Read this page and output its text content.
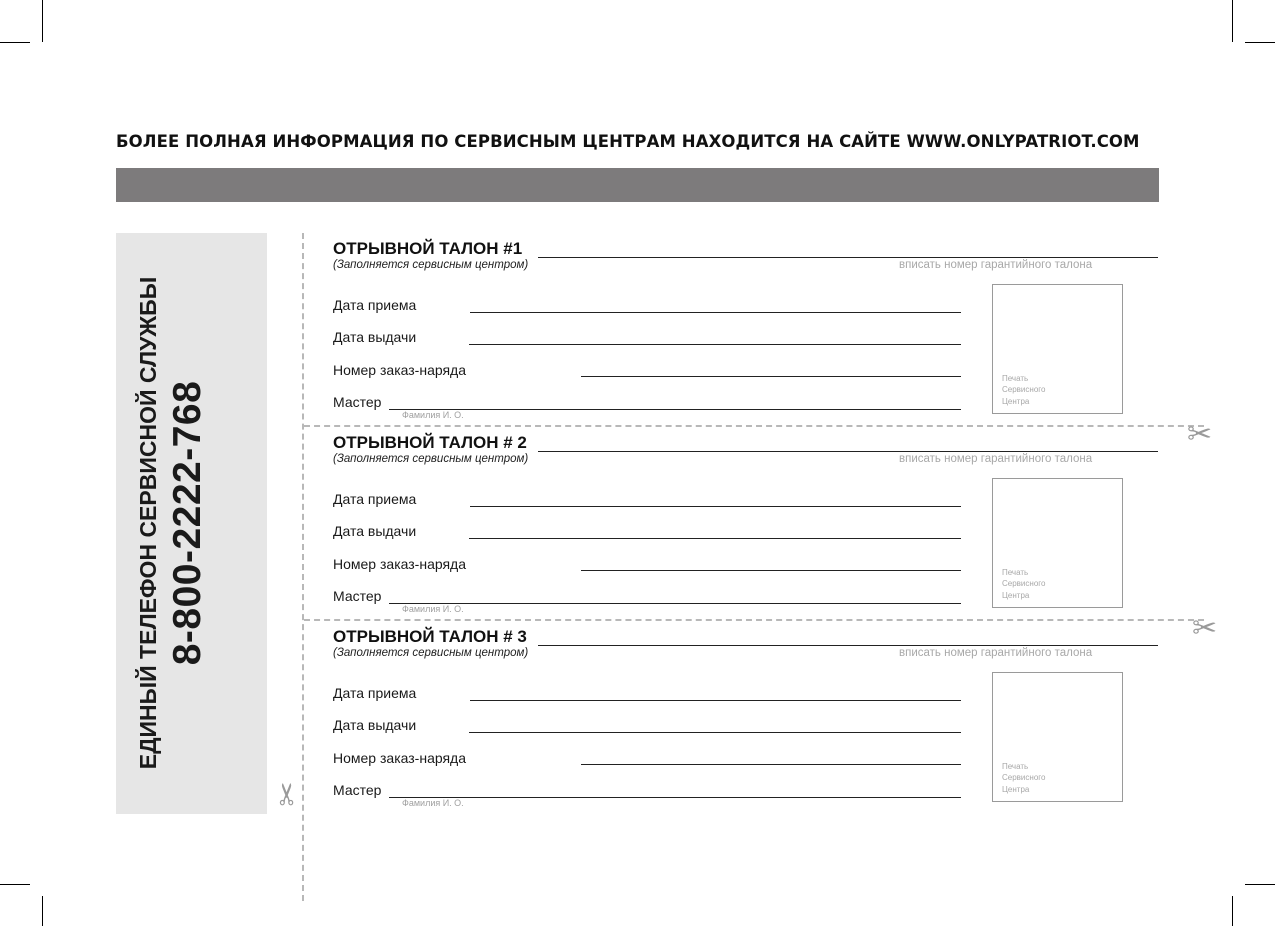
БОЛЕЕ ПОЛНАЯ ИНФОРМАЦИЯ ПО СЕРВИСНЫМ ЦЕНТРАМ НАХОДИТСЯ НА САЙТЕ WWW.ONLYPATRIOT.COM
ЕДИНЫЙ ТЕЛЕФОН СЕРВИСНОЙ СЛУЖБЫ 8-800-2222-768	✂
✂
✂
ОТРЫВНОЙ ТАЛОН #1
(Заполняется сервисным центром)	вписать номер гарантийного талона
Дата приема
Дата выдачи
Номер заказ-наряда
Мастер
Фамилия И. О.
Печать
Сервисного
Центра
ОТРЫВНОЙ ТАЛОН # 2
(Заполняется сервисным центром)	вписать номер гарантийного талона
Дата приема
Дата выдачи
Номер заказ-наряда
Мастер
Фамилия И. О.
Печать
Сервисного
Центра
ОТРЫВНОЙ ТАЛОН # 3
(Заполняется сервисным центром)	вписать номер гарантийного талона
Дата приема
Дата выдачи
Номер заказ-наряда
Мастер
Фамилия И. О.
Печать
Сервисного
Центра
